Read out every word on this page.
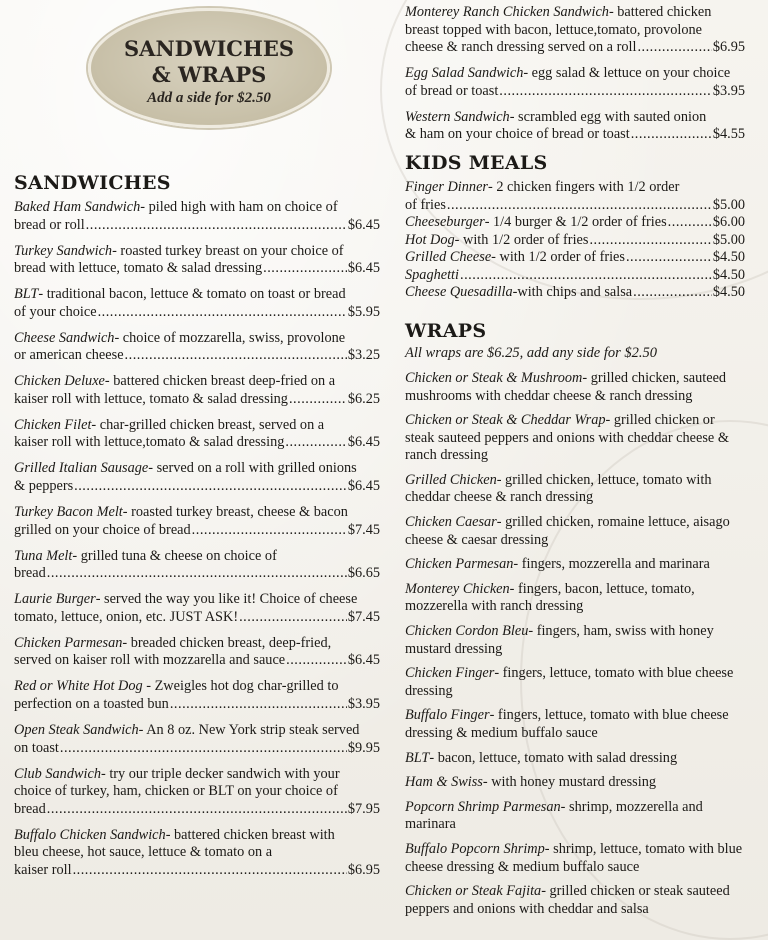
SANDWICHES
& WRAPS
Add a side for $2.50
SANDWICHES
Baked Ham Sandwich- piled high with ham on choice of
bread or roll .....	$6.45
Turkey Sandwich- roasted turkey breast on your choice of
bread with lettuce, tomato & salad dressing .....	$6.45
BLT- traditional bacon, lettuce & tomato on toast or bread
of your choice .....	$5.95
Cheese Sandwich- choice of mozzarella, swiss, provolone
or american cheese .....	$3.25
Chicken Deluxe- battered chicken breast deep-fried on a
kaiser roll with lettuce, tomato & salad dressing .....	$6.25
Chicken Filet- char-grilled chicken breast, served on a
kaiser roll with lettuce,tomato & salad dressing .....	$6.45
Grilled Italian Sausage- served on a roll with grilled onions
& peppers .....	$6.45
Turkey Bacon Melt- roasted turkey breast, cheese & bacon
grilled on your choice of bread .....	$7.45
Tuna Melt- grilled tuna & cheese on choice of
bread .....	$6.65
Laurie Burger- served the way you like it! Choice of cheese
tomato, lettuce, onion, etc. JUST ASK! .....	$7.45
Chicken Parmesan- breaded chicken breast, deep-fried,
served on kaiser roll with mozzarella and sauce .....	$6.45
Red or White Hot Dog - Zweigles hot dog char-grilled to
perfection on a toasted bun .....	$3.95
Open Steak Sandwich- An 8 oz. New York strip steak served
on toast .....	$9.95
Club Sandwich- try our triple decker sandwich with your
choice of turkey, ham, chicken or BLT on your choice of
bread .....	$7.95
Buffalo Chicken Sandwich- battered chicken breast with
bleu cheese, hot sauce, lettuce & tomato on a
kaiser roll .....	$6.95
Monterey Ranch Chicken Sandwich- battered chicken
breast topped with bacon, lettuce,tomato, provolone
cheese & ranch dressing served on a roll .....	$6.95
Egg Salad Sandwich- egg salad & lettuce on your choice
of bread or toast .....	$3.95
Western Sandwich- scrambled egg with sauted onion
& ham on your choice of bread or toast .....	$4.55
KIDS MEALS
Finger Dinner- 2 chicken fingers with 1/2 order
of fries .....	$5.00
Cheeseburger - 1/4 burger & 1/2 order of fries .....	$6.00
Hot Dog - with 1/2 order of fries .....	$5.00
Grilled Cheese - with 1/2 order of fries .....	$4.50
Spaghetti .....	$4.50
Cheese Quesadilla -with chips and salsa .....	$4.50
WRAPS
All wraps are $6.25, add any side for $2.50
Chicken or Steak & Mushroom- grilled chicken, sauteed mushrooms with cheddar cheese & ranch dressing
Chicken or Steak & Cheddar Wrap- grilled chicken or steak sauteed peppers and onions with cheddar cheese & ranch dressing
Grilled Chicken- grilled chicken, lettuce, tomato with cheddar cheese & ranch dressing
Chicken Caesar- grilled chicken, romaine lettuce, aisago cheese & caesar dressing
Chicken Parmesan- fingers, mozzerella and marinara
Monterey Chicken- fingers, bacon, lettuce, tomato, mozzerella with ranch dressing
Chicken Cordon Bleu- fingers, ham, swiss with honey mustard dressing
Chicken Finger- fingers, lettuce, tomato with blue cheese dressing
Buffalo Finger- fingers, lettuce, tomato with blue cheese dressing & medium buffalo sauce
BLT- bacon, lettuce, tomato with salad dressing
Ham & Swiss- with honey mustard dressing
Popcorn Shrimp Parmesan- shrimp, mozzerella and marinara
Buffalo Popcorn Shrimp- shrimp, lettuce, tomato with blue cheese dressing & medium buffalo sauce
Chicken or Steak Fajita- grilled chicken or steak sauteed peppers and onions with cheddar and salsa
